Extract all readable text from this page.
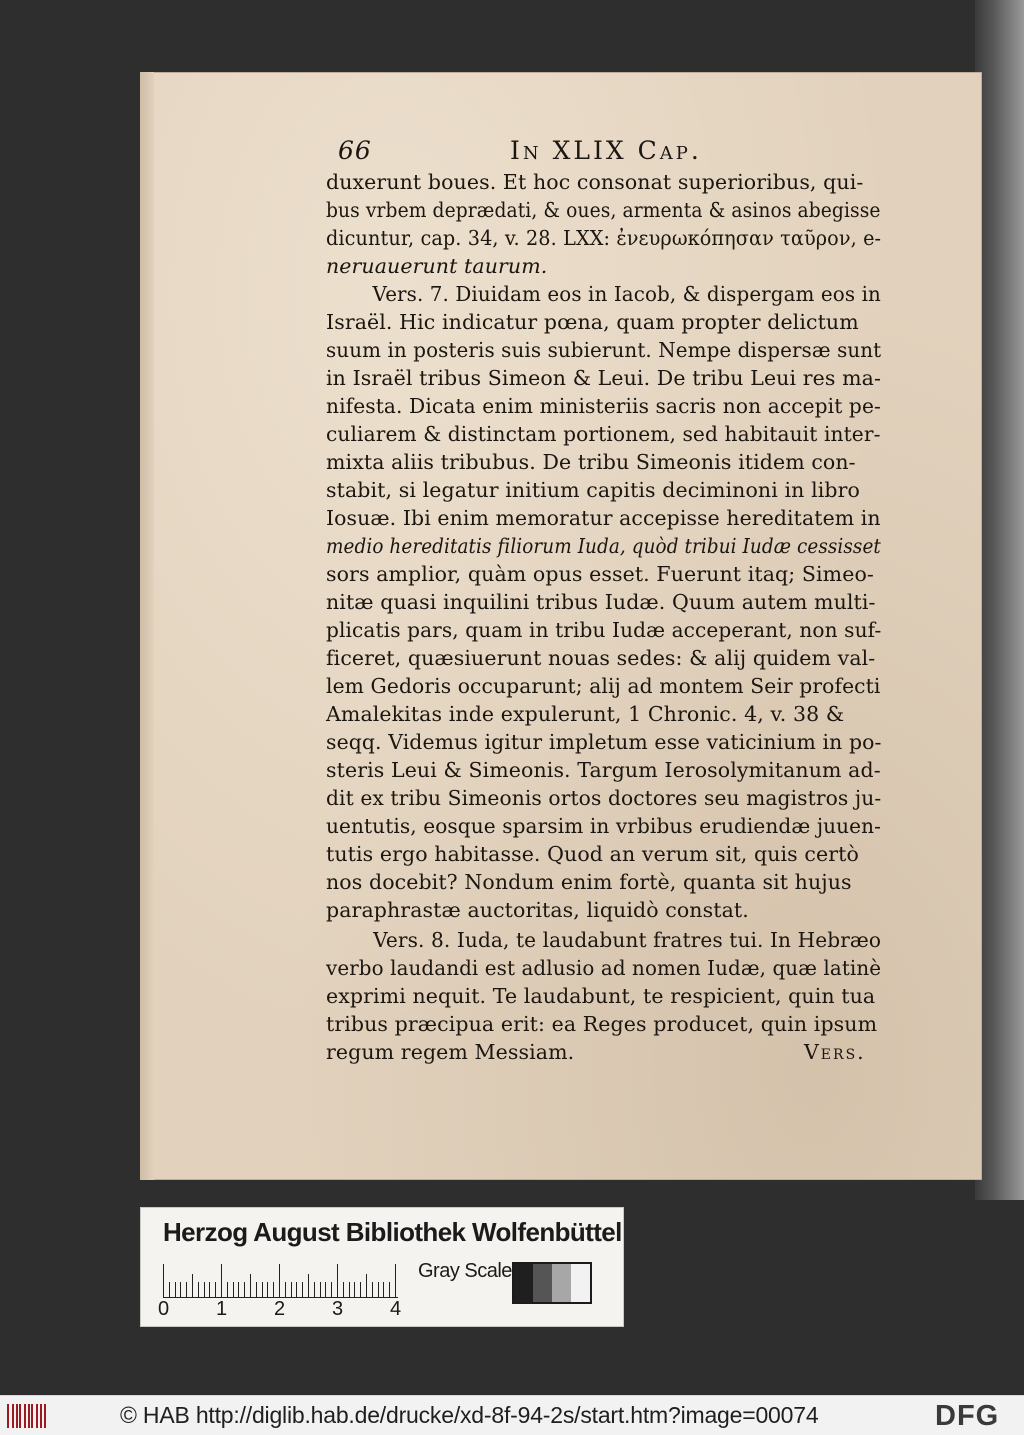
66	In XLIX Cap.
duxerunt boues. Et hoc consonat superioribus, qui-
bus vrbem deprædati, & oues, armenta & asinos abegisse
dicuntur, cap. 34, v. 28. LXX: ἐνευρωκόπησαν ταῦρον, e-
neruauerunt taurum.
Vers. 7. Diuidam eos in Iacob, & dispergam eos in
Israël. Hic indicatur pœna, quam propter delictum
suum in posteris suis subierunt. Nempe dispersæ sunt
in Israël tribus Simeon & Leui. De tribu Leui res ma-
nifesta. Dicata enim ministeriis sacris non accepit pe-
culiarem & distinctam portionem, sed habitauit inter-
mixta aliis tribubus. De tribu Simeonis itidem con-
stabit, si legatur initium capitis deciminoni in libro
Iosuæ. Ibi enim memoratur accepisse hereditatem in
medio hereditatis filiorum Iuda, quòd tribui Iudæ cessisset
sors amplior, quàm opus esset. Fuerunt itaq; Simeo-
nitæ quasi inquilini tribus Iudæ. Quum autem multi-
plicatis pars, quam in tribu Iudæ acceperant, non suf-
ficeret, quæsiuerunt nouas sedes: & alij quidem val-
lem Gedoris occuparunt; alij ad montem Seir profecti
Amalekitas inde expulerunt, 1 Chronic. 4, v. 38 &
seqq. Videmus igitur impletum esse vaticinium in po-
steris Leui & Simeonis. Targum Ierosolymitanum ad-
dit ex tribu Simeonis ortos doctores seu magistros ju-
uentutis, eosque sparsim in vrbibus erudiendæ juuen-
tutis ergo habitasse. Quod an verum sit, quis certò
nos docebit? Nondum enim fortè, quanta sit hujus
paraphrastæ auctoritas, liquidò constat.
Vers. 8. Iuda, te laudabunt fratres tui. In Hebræo
verbo laudandi est adlusio ad nomen Iudæ, quæ latinè
exprimi nequit. Te laudabunt, te respicient, quin tua
tribus præcipua erit: ea Reges producet, quin ipsum
regum regem Messiam.	Vers.
Herzog August Bibliothek Wolfenbüttel
0 1 2 3 4
Gray Scale
© HAB http://diglib.hab.de/drucke/xd-8f-94-2s/start.htm?image=00074	DFG
